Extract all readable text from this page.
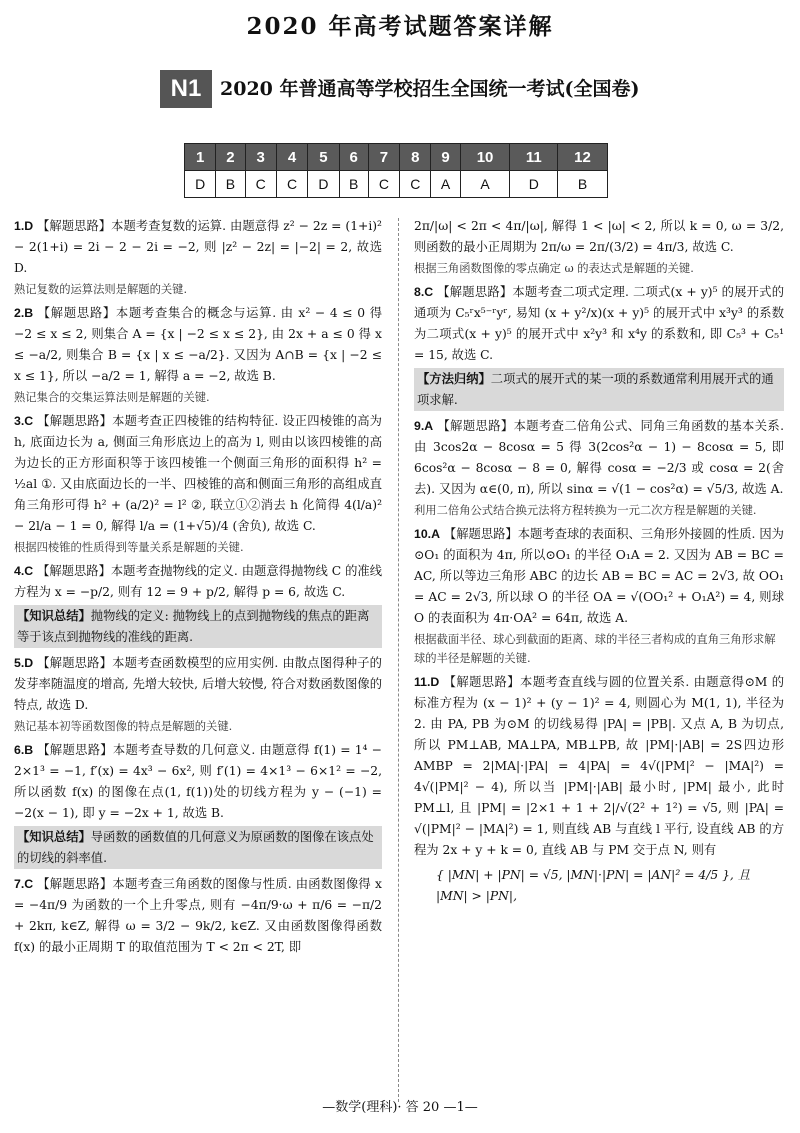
2020 年高考试题答案详解
N1 2020 年普通高等学校招生全国统一考试(全国卷)
1	2	3	4	5	6	7	8	9	10	11	12
D	B	C	C	D	B	C	C	A	A	D	B
1.D 【解题思路】本题考查复数的运算. 由题意得 z² − 2z = (1+i)² − 2(1+i) = 2i − 2 − 2i = −2, 则 |z² − 2z| = |−2| = 2, 故选 D.
熟记复数的运算法则是解题的关键.
2.B 【解题思路】本题考查集合的概念与运算. 由 x² − 4 ≤ 0 得 −2 ≤ x ≤ 2, 则集合 A = {x | −2 ≤ x ≤ 2}, 由 2x + a ≤ 0 得 x ≤ −a/2, 则集合 B = {x | x ≤ −a/2}. 又因为 A∩B = {x | −2 ≤ x ≤ 1}, 所以 −a/2 = 1, 解得 a = −2, 故选 B.
熟记集合的交集运算法则是解题的关键.
3.C 【解题思路】本题考查正四棱锥的结构特征. 设正四棱锥的高为 h, 底面边长为 a, 侧面三角形底边上的高为 l, 则由以该四棱锥的高为边长的正方形面积等于该四棱锥一个侧面三角形的面积得 h² = ½al ①. 又由底面边长的一半、四棱锥的高和侧面三角形的高组成直角三角形可得 h² + (a/2)² = l² ②, 联立①②消去 h 化简得 4(l/a)² − 2l/a − 1 = 0, 解得 l/a = (1+√5)/4 (舍负), 故选 C.
根据四棱锥的性质得到等量关系是解题的关键.
4.C 【解题思路】本题考查抛物线的定义. 由题意得抛物线 C 的准线方程为 x = −p/2, 则有 12 = 9 + p/2, 解得 p = 6, 故选 C.
【知识总结】抛物线的定义: 抛物线上的点到抛物线的焦点的距离等于该点到抛物线的准线的距离.
5.D 【解题思路】本题考查函数模型的应用实例. 由散点图得种子的发芽率随温度的增高, 先增大较快, 后增大较慢, 符合对数函数图像的特点, 故选 D.
熟记基本初等函数图像的特点是解题的关键.
6.B 【解题思路】本题考查导数的几何意义. 由题意得 f(1) = 1⁴ − 2×1³ = −1, f′(x) = 4x³ − 6x², 则 f′(1) = 4×1³ − 6×1² = −2, 所以函数 f(x) 的图像在点(1, f(1))处的切线方程为 y − (−1) = −2(x − 1), 即 y = −2x + 1, 故选 B.
【知识总结】导函数的函数值的几何意义为原函数的图像在该点处的切线的斜率值.
7.C 【解题思路】本题考查三角函数的图像与性质. 由函数图像得 x = −4π/9 为函数的一个上升零点, 则有 −4π/9·ω + π/6 = −π/2 + 2kπ, k∈Z, 解得 ω = 3/2 − 9k/2, k∈Z. 又由函数图像得函数 f(x) 的最小正周期 T 的取值范围为 T < 2π < 2T, 即
2π/|ω| < 2π < 4π/|ω|, 解得 1 < |ω| < 2, 所以 k = 0, ω = 3/2, 则函数的最小正周期为 2π/ω = 2π/(3/2) = 4π/3, 故选 C.
根据三角函数图像的零点确定 ω 的表达式是解题的关键.
8.C 【解题思路】本题考查二项式定理. 二项式(x + y)⁵ 的展开式的通项为 C₅ʳx⁵⁻ʳyʳ, 易知 (x + y²/x)(x + y)⁵ 的展开式中 x³y³ 的系数为二项式(x + y)⁵ 的展开式中 x²y³ 和 x⁴y 的系数和, 即 C₅³ + C₅¹ = 15, 故选 C.
【方法归纳】二项式的展开式的某一项的系数通常利用展开式的通项求解.
9.A 【解题思路】本题考查二倍角公式、同角三角函数的基本关系. 由 3cos2α − 8cosα = 5 得 3(2cos²α − 1) − 8cosα = 5, 即 6cos²α − 8cosα − 8 = 0, 解得 cosα = −2/3 或 cosα = 2(舍去). 又因为 α∈(0, π), 所以 sinα = √(1 − cos²α) = √5/3, 故选 A.
利用二倍角公式结合换元法将方程转换为一元二次方程是解题的关键.
10.A 【解题思路】本题考查球的表面积、三角形外接圆的性质. 因为⊙O₁ 的面积为 4π, 所以⊙O₁ 的半径 O₁A = 2. 又因为 AB = BC = AC, 所以等边三角形 ABC 的边长 AB = BC = AC = 2√3, 故 OO₁ = AC = 2√3, 所以球 O 的半径 OA = √(OO₁² + O₁A²) = 4, 则球 O 的表面积为 4π·OA² = 64π, 故选 A.
根据截面半径、球心到截面的距离、球的半径三者构成的直角三角形求解球的半径是解题的关键.
11.D 【解题思路】本题考查直线与圆的位置关系. 由题意得⊙M 的标准方程为 (x − 1)² + (y − 1)² = 4, 则圆心为 M(1, 1), 半径为 2. 由 PA, PB 为⊙M 的切线易得 |PA| = |PB|. 又点 A, B 为切点, 所以 PM⊥AB, MA⊥PA, MB⊥PB, 故 |PM|·|AB| = 2S四边形AMBP = 2|MA|·|PA| = 4|PA| = 4√(|PM|² − |MA|²) = 4√(|PM|² − 4), 所以当 |PM|·|AB| 最小时, |PM| 最小, 此时 PM⊥l, 且 |PM| = |2×1 + 1 + 2|/√(2² + 1²) = √5, 则 |PA| = √(|PM|² − |MA|²) = 1, 则直线 AB 与直线 l 平行, 设直线 AB 的方程为 2x + y + k = 0, 直线 AB 与 PM 交于点 N, 则有
{ |MN| + |PN| = √5, |MN|·|PN| = |AN|² = 4/5 }, 且 |MN| > |PN|,
—数学(理科)· 答 20 —1—
